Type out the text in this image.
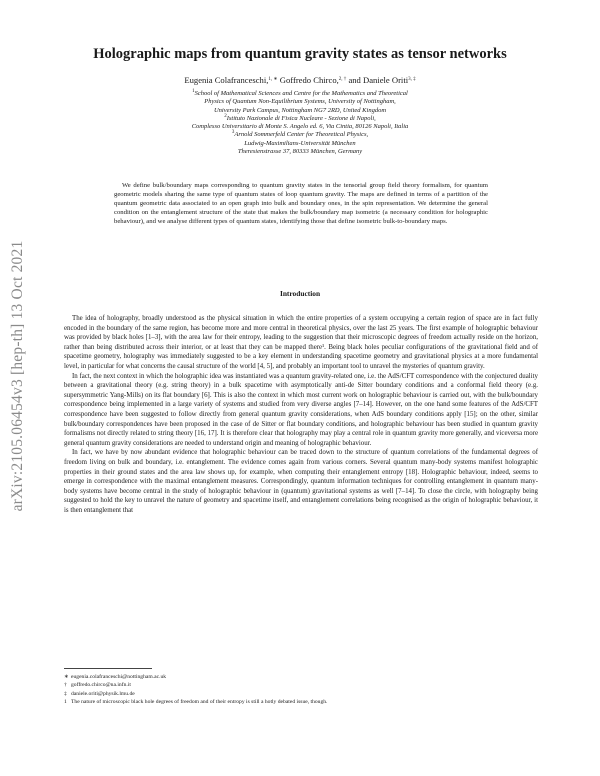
arXiv:2105.06454v3 [hep-th] 13 Oct 2021
Holographic maps from quantum gravity states as tensor networks
Eugenia Colafranceschi,$^{1, ∗}$ Goffredo Chirco,$^{2, \dagger}$ and Daniele Oriti$^{3, \ddagger}$
$^1$School of Mathematical Sciences and Centre for the Mathematics and Theoretical
Physics of Quantum Non-Equilibrium Systems, University of Nottingham,
University Park Campus, Nottingham NG7 2RD, United Kingdom
$^2$Istituto Nazionale di Fisica Nucleare - Sezione di Napoli,
Complesso Universitario di Monte S. Angelo ed. 6, Via Cintia, 80126 Napoli, Italia
$^3$Arnold Sommerfeld Center for Theoretical Physics,
Ludwig-Maximilians-Universität München
Theresienstrasse 37, 80333 München, Germany
We define bulk/boundary maps corresponding to quantum gravity states in the tensorial group field theory formalism, for quantum geometric models sharing the same type of quantum states of loop quantum gravity. The maps are defined in terms of a partition of the quantum geometric data associated to an open graph into bulk and boundary ones, in the spin representation. We determine the general condition on the entanglement structure of the state that makes the bulk/boundary map isometric (a necessary condition for holographic behaviour), and we analyse different types of quantum states, identifying those that define isometric bulk-to-boundary maps.
Introduction

The idea of holography, broadly understood as the physical situation in which the entire properties of a system occupying a certain region of space are in fact fully encoded in the boundary of the same region, has become more and more central in theoretical physics, over the last 25 years. The first example of holographic behaviour was provided by black holes [1–3], with the area law for their entropy, leading to the suggestion that their microscopic degrees of freedom actually reside on the horizon, rather than being distributed across their interior, or at least that they can be mapped there¹. Being black holes peculiar configurations of the gravitational field and of spacetime geometry, holography was immediately suggested to be a key element in understanding spacetime geometry and gravitational physics at a more fundamental level, in particular for what concerns the causal structure of the world [4, 5], and probably an important tool to unravel the mysteries of quantum gravity.

In fact, the next context in which the holographic idea was instantiated was a quantum gravity-related one, i.e. the AdS/CFT correspondence with the conjectured duality between a gravitational theory (e.g. string theory) in a bulk spacetime with asymptotically anti-de Sitter boundary conditions and a conformal field theory (e.g. supersymmetric Yang-Mills) on its flat boundary [6]. This is also the context in which most current work on holographic behaviour is carried out, with the bulk/boundary correspondence being implemented in a large variety of systems and studied from very diverse angles [7–14]. However, on the one hand some features of the AdS/CFT correspondence have been suggested to follow directly from general quantum gravity considerations, when AdS boundary conditions apply [15]; on the other, similar bulk/boundary correspondences have been proposed in the case of de Sitter or flat boundary conditions, and holographic behaviour has been studied in quantum gravity formalisms not directly related to string theory [16, 17]. It is therefore clear that holography may play a central role in quantum gravity more generally, and viceversa more general quantum gravity considerations are needed to understand origin and meaning of holographic behaviour.

In fact, we have by now abundant evidence that holographic behaviour can be traced down to the structure of quantum correlations of the fundamental degrees of freedom living on bulk and boundary, i.e. entanglement. The evidence comes again from various corners. Several quantum many-body systems manifest holographic properties in their ground states and the area law shows up, for example, when computing their entanglement entropy [18]. Holographic behaviour, indeed, seems to emerge in correspondence with the maximal entanglement measures. Correspondingly, quantum information techniques for controlling entanglement in quantum many-body systems have become central in the study of holographic behaviour in (quantum) gravitational systems as well [7–14]. To close the circle, with holography being suggested to hold the key to unravel the nature of geometry and spacetime itself, and entanglement correlations being recognised as the origin of holographic behaviour, it is then entanglement that

∗ eugenia.colafranceschi@nottingham.ac.uk
† goffredo.chirco@na.infn.it
‡ daniele.oriti@physik.lmu.de
1 The nature of microscopic black hole degrees of freedom and of their entropy is still a hotly debated issue, though.
